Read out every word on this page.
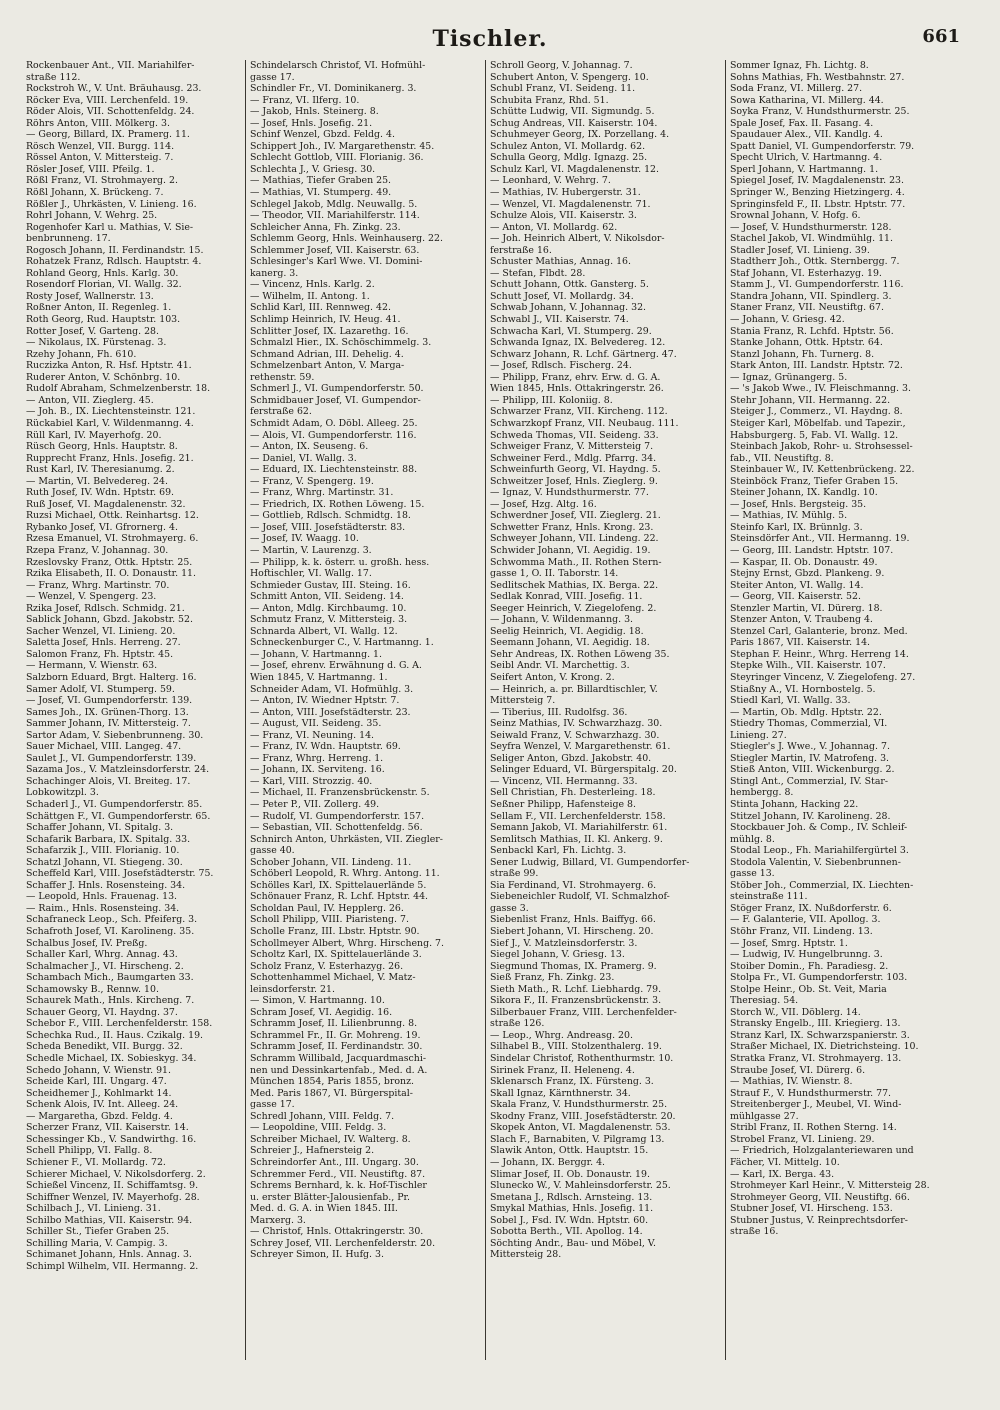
Tischler.	661
Rockenbauer Ant., VII. Mariahilfer-
straße 112.
Rockstroh W., V. Unt. Bräuhausg. 23.
Röcker Eva, VIII. Lerchenfeld. 19.
Röder Alois, VII. Schottenfeldg. 24.
Röhrs Anton, VIII. Mölkerg. 3.
— Georg, Billard, IX. Pramerg. 11.
Rösch Wenzel, VII. Burgg. 114.
Rössel Anton, V. Mittersteig. 7.
Rösler Josef, VIII. Pfeilg. 1.
Rößl Franz, VI. Strohmayerg. 2.
Rößl Johann, X. Brückeng. 7.
Rößler J., Uhrkästen, V. Linieng. 16.
Rohrl Johann, V. Wehrg. 25.
Rogenhofer Karl u. Mathias, V. Sie-
benbrunneng. 17.
Rogosch Johann, II. Ferdinandstr. 15.
Rohatzek Franz, Rdlsch. Hauptstr. 4.
Rohland Georg, Hnls. Karlg. 30.
Rosendorf Florian, VI. Wallg. 32.
Rosty Josef, Wallnerstr. 13.
Roßner Anton, II. Regenleg. 1.
Roth Georg, Rud. Hauptstr. 103.
Rotter Josef, V. Garteng. 28.
— Nikolaus, IX. Fürstenag. 3.
Rzehy Johann, Fh. 610.
Ruczizka Anton, R. Hsf. Hptstr. 41.
Ruderer Anton, V. Schönbrg. 10.
Rudolf Abraham, Schmelzenberstr. 18.
— Anton, VII. Zieglerg. 45.
— Joh. B., IX. Liechtensteinstr. 121.
Rückabiel Karl, V. Wildenmanng. 4.
Rüll Karl, IV. Mayerhofg. 20.
Rüsch Georg, Hnls. Hauptstr. 8.
Rupprecht Franz, Hnls. Josefig. 21.
Rust Karl, IV. Theresianumg. 2.
— Martin, VI. Belvedereg. 24.
Ruth Josef, IV. Wdn. Hptstr. 69.
Ruß Josef, VI. Magdalenenstr. 32.
Ruzsi Michael, Ottk. Reinhartsg. 12.
Rybanko Josef, VI. Gfrornerg. 4.
Rzesa Emanuel, VI. Strohmayerg. 6.
Rzepa Franz, V. Johannag. 30.
Rzeslovsky Franz, Ottk. Hptstr. 25.
Rzika Elisabeth, II. O. Donaustr. 11.
— Franz, Whrg. Martinstr. 70.
— Wenzel, V. Spengerg. 23.
Rzika Josef, Rdlsch. Schmidg. 21.
Sablick Johann, Gbzd. Jakobstr. 52.
Sacher Wenzel, VI. Linieng. 20.
Saletta Josef, Hnls. Herreng. 27.
Salomon Franz, Fh. Hptstr. 45.
— Hermann, V. Wienstr. 63.
Salzborn Eduard, Brgt. Halterg. 16.
Samer Adolf, VI. Stumperg. 59.
— Josef, VI. Gumpendorferstr. 139.
Sames Joh., IX. Grünen-Thorg. 13.
Sammer Johann, IV. Mittersteig. 7.
Sartor Adam, V. Siebenbrunneng. 30.
Sauer Michael, VIII. Langeg. 47.
Saulet J., VI. Gumpendorferstr. 139.
Sazama Jos., V. Matzleinsdorferstr. 24.
Schachinger Alois, VI. Breiteg. 17.
Lobkowitzpl. 3.
Schaderl J., VI. Gumpendorferstr. 85.
Schättgen F., VI. Gumpendorferstr. 65.
Schaffer Johann, VI. Spitalg. 3.
Schafarik Barbara, IX. Spitalg. 33.
Schafarzik J., VIII. Florianig. 10.
Schatzl Johann, VI. Stiegeng. 30.
Scheffeld Karl, VIII. Josefstädterstr. 75.
Schaffer J. Hnls. Rosensteing. 34.
— Leopold, Hnls. Frauenag. 13.
— Raim., Hnls. Rosensteing. 34.
Schafraneck Leop., Sch. Pfeiferg. 3.
Schafroth Josef, VI. Karolineng. 35.
Schalbus Josef, IV. Preßg.
Schaller Karl, Whrg. Annag. 43.
Schalmacher J., VI. Hirscheng. 2.
Schambach Mich., Baumgarten 33.
Schamowsky B., Rennw. 10.
Schaurek Math., Hnls. Kircheng. 7.
Schauer Georg, VI. Haydng. 37.
Schebor F., VIII. Lerchenfelderstr. 158.
Schechka Rud., II. Haus. Czikalg. 19.
Scheda Benedikt, VII. Burgg. 32.
Schedle Michael, IX. Sobieskyg. 34.
Schedo Johann, V. Wienstr. 91.
Scheide Karl, III. Ungarg. 47.
Scheidhemer J., Kohlmarkt 14.
Schenk Alois, IV. Int. Alleeg. 24.
— Margaretha, Gbzd. Feldg. 4.
Scherzer Franz, VII. Kaiserstr. 14.
Schessinger Kb., V. Sandwirthg. 16.
Schell Philipp, VI. Fallg. 8.
Schiener F., VI. Mollardg. 72.
Schierer Michael, V. Nikolsdorferg. 2.
Schießel Vincenz, II. Schiffamtsg. 9.
Schiffner Wenzel, IV. Mayerhofg. 28.
Schilbach J., VI. Linieng. 31.
Schilbo Mathias, VII. Kaiserstr. 94.
Schiller St., Tiefer Graben 25.
Schilling Maria, V. Campig. 3.
Schimanet Johann, Hnls. Annag. 3.
Schimpl Wilhelm, VII. Hermanng. 2.
Schindelarsch Christof, VI. Hofmühl-
gasse 17.
Schindler Fr., VI. Dominikanerg. 3.
— Franz, VI. Ilferg. 10.
— Jakob, Hnls. Steinerg. 8.
— Josef, Hnls. Josefig. 21.
Schinf Wenzel, Gbzd. Feldg. 4.
Schippert Joh., IV. Margarethenstr. 45.
Schlecht Gottlob, VIII. Florianig. 36.
Schlechta J., V. Griesg. 30.
— Mathias, Tiefer Graben 25.
— Mathias, VI. Stumperg. 49.
Schlegel Jakob, Mdlg. Neuwallg. 5.
— Theodor, VII. Mariahilferstr. 114.
Schleicher Anna, Fh. Zinkg. 23.
Schlemm Georg, Hnls. Weinhauserg. 22.
Schlemmer Josef, VII. Kaiserstr. 63.
Schlesinger's Karl Wwe. VI. Domini-
kanerg. 3.
— Vincenz, Hnls. Karlg. 2.
— Wilhelm, II. Antong. 1.
Schlid Karl, III. Rennweg. 42.
Schlimp Heinrich, IV. Heug. 41.
Schlitter Josef, IX. Lazarethg. 16.
Schmalzl Hier., IX. Schöschimmelg. 3.
Schmand Adrian, III. Dehelig. 4.
Schmelzenbart Anton, V. Marga-
rethenstr. 59.
Schmerl J., VI. Gumpendorferstr. 50.
Schmidbauer Josef, VI. Gumpendor-
ferstraße 62.
Schmidt Adam, O. Döbl. Alleeg. 25.
— Alois, VI. Gumpendorferstr. 116.
— Anton, IX. Seuseng. 6.
— Daniel, VI. Wallg. 3.
— Eduard, IX. Liechtensteinstr. 88.
— Franz, V. Spengerg. 19.
— Franz, Whrg. Martinstr. 31.
— Friedrich, IX. Rothen Löweng. 15.
— Gottlieb, Rdlsch. Schmidtg. 18.
— Josef, VIII. Josefstädterstr. 83.
— Josef, IV. Waagg. 10.
— Martin, V. Laurenzg. 3.
— Philipp, k. k. österr. u. großh. hess.
Hoftischler, VI. Wallg. 17.
Schmieder Gustav, III. Steing. 16.
Schmitt Anton, VII. Seideng. 14.
— Anton, Mdlg. Kirchbaumg. 10.
Schmutz Franz, V. Mittersteig. 3.
Schnarda Albert, VI. Wallg. 12.
Schneckenburger C., V. Hartmanng. 1.
— Johann, V. Hartmanng. 1.
— Josef, ehrenv. Erwähnung d. G. A.
Wien 1845, V. Hartmanng. 1.
Schneider Adam, VI. Hofmühlg. 3.
— Anton, IV. Wiedner Hptstr. 7.
— Anton, VIII. Josefstädterstr. 23.
— August, VII. Seideng. 35.
— Franz, VI. Neuning. 14.
— Franz, IV. Wdn. Hauptstr. 69.
— Franz, Whrg. Herreng. 1.
— Johann, IX. Serviteng. 16.
— Karl, VIII. Strozzig. 40.
— Michael, II. Franzensbrückenstr. 5.
— Peter P., VII. Zollerg. 49.
— Rudolf, VI. Gumpendorferstr. 157.
— Sebastian, VII. Schottenfeldg. 56.
Schnirch Anton, Uhrkästen, VII. Ziegler-
gasse 40.
Schober Johann, VII. Lindeng. 11.
Schöberl Leopold, R. Whrg. Antong. 11.
Schölles Karl, IX. Spittelauerlände 5.
Schönauer Franz, R. Lchf. Hptstr. 44.
Scholdan Paul, IV. Hepplerg. 26.
Scholl Philipp, VIII. Piaristeng. 7.
Scholle Franz, III. Lbstr. Hptstr. 90.
Schollmeyer Albert, Whrg. Hirscheng. 7.
Scholtz Karl, IX. Spittelauerlände 3.
Scholz Franz, V. Esterhazyg. 26.
Schottenhammel Michael, V. Matz-
leinsdorferstr. 21.
— Simon, V. Hartmanng. 10.
Schram Josef, VI. Aegidig. 16.
Schramm Josef, II. Lilienbrunng. 8.
Schrammel Fr., II. Gr. Mohreng. 19.
Schramm Josef, II. Ferdinandstr. 30.
Schramm Willibald, Jacquardmaschi-
nen und Dessinkartenfab., Med. d. A.
München 1854, Paris 1855, bronz.
Med. Paris 1867, VI. Bürgerspital-
gasse 17.
Schredl Johann, VIII. Feldg. 7.
— Leopoldine, VIII. Feldg. 3.
Schreiber Michael, IV. Walterg. 8.
Schreier J., Hafnersteig 2.
Schreindorfer Ant., III. Ungarg. 30.
Schremmer Ferd., VII. Neustiftg. 87.
Schrems Bernhard, k. k. Hof-Tischler
u. erster Blätter-Jalousienfab., Pr.
Med. d. G. A. in Wien 1845. III.
Marxerg. 3.
— Christof, Hnls. Ottakringerstr. 30.
Schrey Josef, VII. Lerchenfelderstr. 20.
Schreyer Simon, II. Hufg. 3.
Schroll Georg, V. Johannag. 7.
Schubert Anton, V. Spengerg. 10.
Schubl Franz, VI. Seideng. 11.
Schubita Franz, Rhd. 51.
Schütte Ludwig, VII. Sigmundg. 5.
Schug Andreas, VII. Kaiserstr. 104.
Schuhmeyer Georg, IX. Porzellang. 4.
Schulez Anton, VI. Mollardg. 62.
Schulla Georg, Mdlg. Ignazg. 25.
Schulz Karl, VI. Magdalenenstr. 12.
— Leonhard, V. Wehrg. 7.
— Mathias, IV. Hubergerstr. 31.
— Wenzel, VI. Magdalenenstr. 71.
Schulze Alois, VII. Kaiserstr. 3.
— Anton, VI. Mollardg. 62.
— Joh. Heinrich Albert, V. Nikolsdor-
ferstraße 16.
Schuster Mathias, Annag. 16.
— Stefan, Flbdt. 28.
Schutt Johann, Ottk. Gansterg. 5.
Schutt Josef, VI. Mollardg. 34.
Schwab Johann, V. Johannag. 32.
Schwabl J., VII. Kaiserstr. 74.
Schwacha Karl, VI. Stumperg. 29.
Schwanda Ignaz, IX. Belvedereg. 12.
Schwarz Johann, R. Lchf. Gärtnerg. 47.
— Josef, Rdlsch. Fischerg. 24.
— Philipp, Franz, ehrv. Erw. d. G. A.
Wien 1845, Hnls. Ottakringerstr. 26.
— Philipp, III. Koloniig. 8.
Schwarzer Franz, VII. Kircheng. 112.
Schwarzkopf Franz, VII. Neubaug. 111.
Schweda Thomas, VII. Seideng. 33.
Schweiger Franz, V. Mittersteig 7.
Schweiner Ferd., Mdlg. Pfarrg. 34.
Schweinfurth Georg, VI. Haydng. 5.
Schweitzer Josef, Hnls. Zieglerg. 9.
— Ignaz, V. Hundsthurmerstr. 77.
— Josef, Hzg. Altg. 16.
Schwerdner Josef, VII. Zieglerg. 21.
Schwetter Franz, Hnls. Krong. 23.
Schweyer Johann, VII. Lindeng. 22.
Schwider Johann, VI. Aegidig. 19.
Schwomma Math., II. Rothen Stern-
gasse 1, O. II. Taborstr. 14.
Sedlitschek Mathias, IX. Berga. 22.
Sedlak Konrad, VIII. Josefig. 11.
Seeger Heinrich, V. Ziegelofeng. 2.
— Johann, V. Wildenmanng. 3.
Seelig Heinrich, VI. Aegidig. 18.
Seemann Johann, VI. Aegidig. 18.
Sehr Andreas, IX. Rothen Löweng 35.
Seibl Andr. VI. Marchettig. 3.
Seifert Anton, V. Krong. 2.
— Heinrich, a. pr. Billardtischler, V.
Mittersteig 7.
— Tiberius, III. Rudolfsg. 36.
Seinz Mathias, IV. Schwarzhazg. 30.
Seiwald Franz, V. Schwarzhazg. 30.
Seyfra Wenzel, V. Margarethenstr. 61.
Seliger Anton, Gbzd. Jakobstr. 40.
Selinger Eduard, VI. Bürgerspitalg. 20.
— Vincenz, VII. Hermanng. 33.
Sell Christian, Fh. Desterleing. 18.
Seßner Philipp, Hafensteige 8.
Sellam F., VII. Lerchenfelderstr. 158.
Semann Jakob, VI. Mariahilferstr. 61.
Semlitsch Mathias, II. Kl. Ankerg. 9.
Senbackl Karl, Fh. Lichtg. 3.
Sener Ludwig, Billard, VI. Gumpendorfer-
straße 99.
Sia Ferdinand, VI. Strohmayerg. 6.
Siebeneichler Rudolf, VI. Schmalzhof-
gasse 3.
Siebenlist Franz, Hnls. Baiffyg. 66.
Siebert Johann, VI. Hirscheng. 20.
Sief J., V. Matzleinsdorferstr. 3.
Siegel Johann, V. Griesg. 13.
Siegmund Thomas, IX. Pramerg. 9.
Sieß Franz, Fh. Zinkg. 23.
Sieth Math., R. Lchf. Liebhardg. 79.
Sikora F., II. Franzensbrückenstr. 3.
Silberbauer Franz, VIII. Lerchenfelder-
straße 126.
— Leop., Whrg. Andreasg. 20.
Silhabel B., VIII. Stolzenthalerg. 19.
Sindelar Christof, Rothenthurmstr. 10.
Sirinek Franz, II. Heleneng. 4.
Sklenarsch Franz, IX. Fürsteng. 3.
Skall Ignaz, Kärnthnerstr. 34.
Skala Franz, V. Hundsthurmerstr. 25.
Skodny Franz, VIII. Josefstädterstr. 20.
Skopek Anton, VI. Magdalenenstr. 53.
Slach F., Barnabiten, V. Pilgramg 13.
Slawik Anton, Ottk. Hauptstr. 15.
— Johann, IX. Berggr. 4.
Slimar Josef, II. Ob. Donaustr. 19.
Slunecko W., V. Mahleinsdorferstr. 25.
Smetana J., Rdlsch. Arnsteing. 13.
Smykal Mathias, Hnls. Josefig. 11.
Sobel J., Fsd. IV. Wdn. Hptstr. 60.
Sobotta Berth., VII. Apollog. 14.
Söchting Andr., Bau- und Möbel, V.
Mittersteig 28.
Sommer Ignaz, Fh. Lichtg. 8.
Sohns Mathias, Fh. Westbahnstr. 27.
Soda Franz, VI. Millerg. 27.
Sowa Katharina, VI. Millerg. 44.
Soyka Franz, V. Hundsthurmerstr. 25.
Spale Josef, Fax. II. Fasang. 4.
Spaudauer Alex., VII. Kandlg. 4.
Spatt Daniel, VI. Gumpendorferstr. 79.
Specht Ulrich, V. Hartmanng. 4.
Sperl Johann, V. Hartmanng. 1.
Spiegel Josef, IV. Magdalenenstr. 23.
Springer W., Benzing Hietzingerg. 4.
Springinsfeld F., II. Lbstr. Hptstr. 77.
Srownal Johann, V. Hofg. 6.
— Josef, V. Hundsthurmerstr. 128.
Stachel Jakob, VI. Windmühlg. 11.
Stadler Josef, VI. Linieng. 39.
Stadtherr Joh., Ottk. Sternbergg. 7.
Staf Johann, VI. Esterhazyg. 19.
Stamm J., VI. Gumpendorferstr. 116.
Standra Johann, VII. Spindlerg. 3.
Staner Franz, VII. Neustiftg. 67.
— Johann, V. Griesg. 42.
Stania Franz, R. Lchfd. Hptstr. 56.
Stanke Johann, Ottk. Hptstr. 64.
Stanzl Johann, Fh. Turnerg. 8.
Stark Anton, III. Landstr. Hptstr. 72.
— Ignaz, Grünangerg. 5.
— 's Jakob Wwe., IV. Fleischmanng. 3.
Stehr Johann, VII. Hermanng. 22.
Steiger J., Commerz., VI. Haydng. 8.
Steiger Karl, Möbelfab. und Tapezir.,
Habsburgerg. 5, Fab. VI. Wallg. 12.
Steinbach Jakob, Rohr- u. Strohsessel-
fab., VII. Neustiftg. 8.
Steinbauer W., IV. Kettenbrückeng. 22.
Steinböck Franz, Tiefer Graben 15.
Steiner Johann, IX. Kandlg. 10.
— Josef, Hnls. Bergsteig. 35.
— Mathias, IV. Mühlg. 5.
Steinfo Karl, IX. Brünnlg. 3.
Steinsdörfer Ant., VII. Hermanng. 19.
— Georg, III. Landstr. Hptstr. 107.
— Kaspar, II. Ob. Donaustr. 49.
Stejny Ernst, Gbzd. Plankeng. 9.
Steiter Anton, VI. Wallg. 14.
— Georg, VII. Kaiserstr. 52.
Stenzler Martin, VI. Dürerg. 18.
Stenzer Anton, V. Traubeng 4.
Stenzel Carl, Galanterie, bronz. Med.
Paris 1867, VII. Kaiserstr. 14.
Stephan F. Heinr., Whrg. Herreng 14.
Stepke Wilh., VII. Kaiserstr. 107.
Steyringer Vincenz, V. Ziegelofeng. 27.
Stiaßny A., VI. Hornbostelg. 5.
Stiedl Karl, VI. Wallg. 33.
— Martin, Ob. Mdlg. Hptstr. 22.
Stiedry Thomas, Commerzial, VI.
Linieng. 27.
Stiegler's J. Wwe., V. Johannag. 7.
Stiegler Martin, IV. Matrofeng. 3.
Stieß Anton, VIII. Wickenburgg. 2.
Stingl Ant., Commerzial, IV. Star-
hembergg. 8.
Stinta Johann, Hacking 22.
Stitzel Johann, IV. Karolineng. 28.
Stockbauer Joh. & Comp., IV. Schleif-
mühlg. 8.
Stodal Leop., Fh. Mariahilfergürtel 3.
Stodola Valentin, V. Siebenbrunnen-
gasse 13.
Stöber Joh., Commerzial, IX. Liechten-
steinstraße 111.
Stöger Franz, IX. Nußdorferstr. 6.
— F. Galanterie, VII. Apollog. 3.
Stöhr Franz, VII. Lindeng. 13.
— Josef, Smrg. Hptstr. 1.
— Ludwig, IV. Hungelbrunng. 3.
Stoiber Domin., Fh. Paradiesg. 2.
Stolpa Fr., VI. Gumpendorferstr. 103.
Stolpe Heinr., Ob. St. Veit, Maria
Theresiag. 54.
Storch W., VII. Döblerg. 14.
Stransky Engelb., III. Kriegierg. 13.
Stranz Karl, IX. Schwarzspanierstr. 3.
Straßer Michael, IX. Dietrichsteing. 10.
Stratka Franz, VI. Strohmayerg. 13.
Straube Josef, VI. Dürerg. 6.
— Mathias, IV. Wienstr. 8.
Strauf F., V. Hundsthurmerstr. 77.
Streitenberger J., Meubel, VI. Wind-
mühlgasse 27.
Stribl Franz, II. Rothen Sterng. 14.
Strobel Franz, VI. Linieng. 29.
— Friedrich, Holzgalanteriewaren und
Fächer, VI. Mittelg. 10.
— Karl, IX. Berga. 43.
Strohmeyer Karl Heinr., V. Mittersteig 28.
Strohmeyer Georg, VII. Neustiftg. 66.
Stubner Josef, VI. Hirscheng. 153.
Stubner Justus, V. Reinprechtsdorfer-
straße 16.
